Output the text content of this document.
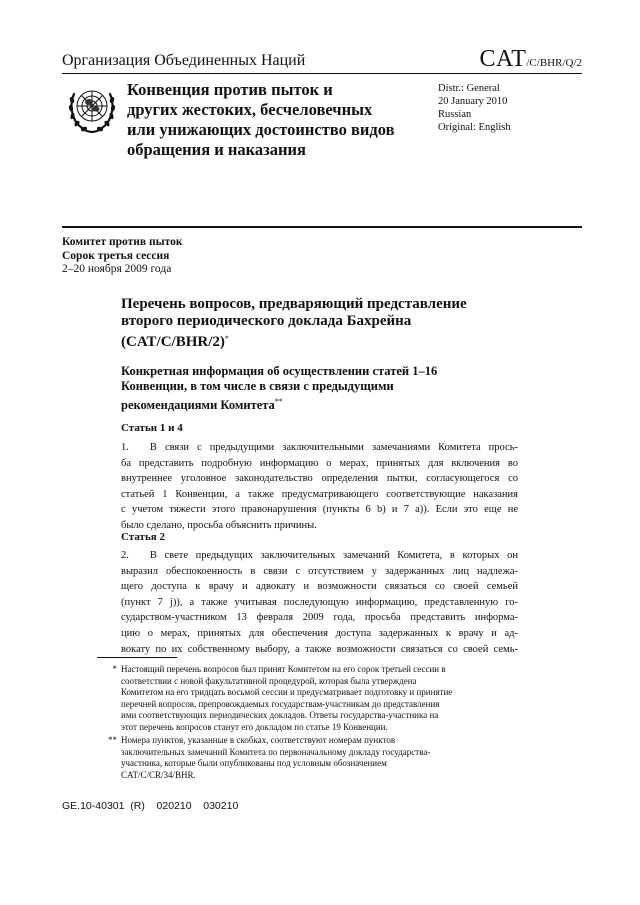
Организация Объединенных Наций	CAT/C/BHR/Q/2
Конвенция против пыток и
других жестоких, бесчеловечных
или унижающих достоинство видов
обращения и наказания
Distr.: General
20 January 2010
Russian
Original: English
Комитет против пыток
Сорок третья сессия
2–20 ноября 2009 года
Перечень вопросов, предваряющий представление
второго периодического доклада Бахрейна
(CAT/C/BHR/2)*
Конкретная информация об осуществлении статей 1–16
Конвенции, в том числе в связи с предыдущими
рекомендациями Комитета**
Статьи 1 и 4
1.  В связи с предыдущими заключительными замечаниями Комитета прось-
ба представить подробную информацию о мерах, принятых для включения во
внутреннее уголовное законодательство определения пытки, согласующегося со
статьей 1 Конвенции, а также предусматривающего соответствующие наказания
с учетом тяжести этого правонарушения (пункты 6 b) и 7 а)). Если это еще не
было сделано, просьба объяснить причины.
Статья 2
2.  В свете предыдущих заключительных замечаний Комитета, в которых он
выразил обеспокоенность в связи с отсутствием у задержанных лиц надлежа-
щего доступа к врачу и адвокату и возможности связаться со своей семьей
(пункт 7 j)), а также учитывая последующую информацию, представленную го-
сударством-участником 13 февраля 2009 года, просьба представить информа-
цию о мерах, принятых для обеспечения доступа задержанных к врачу и ад-
вокату по их собственному выбору, а также возможности связаться со своей семь-
* Настоящий перечень вопросов был принят Комитетом на его сорок третьей сессии в
соответствии с новой факультативной процедурой, которая была утверждена
Комитетом на его тридцать восьмой сессии и предусматривает подготовку и принятие
перечней вопросов, препровождаемых государствам-участникам до представления
ими соответствующих периодических докладов. Ответы государства-участника на
этот перечень вопросов станут его докладом по статье 19 Конвенции.
** Номера пунктов, указанные в скобках, соответствуют номерам пунктов
заключительных замечаний Комитета по первоначальному докладу государства-
участника, которые были опубликованы под условным обозначением
CAT/C/CR/34/BHR.
GE.10-40301  (R)    020210    030210
